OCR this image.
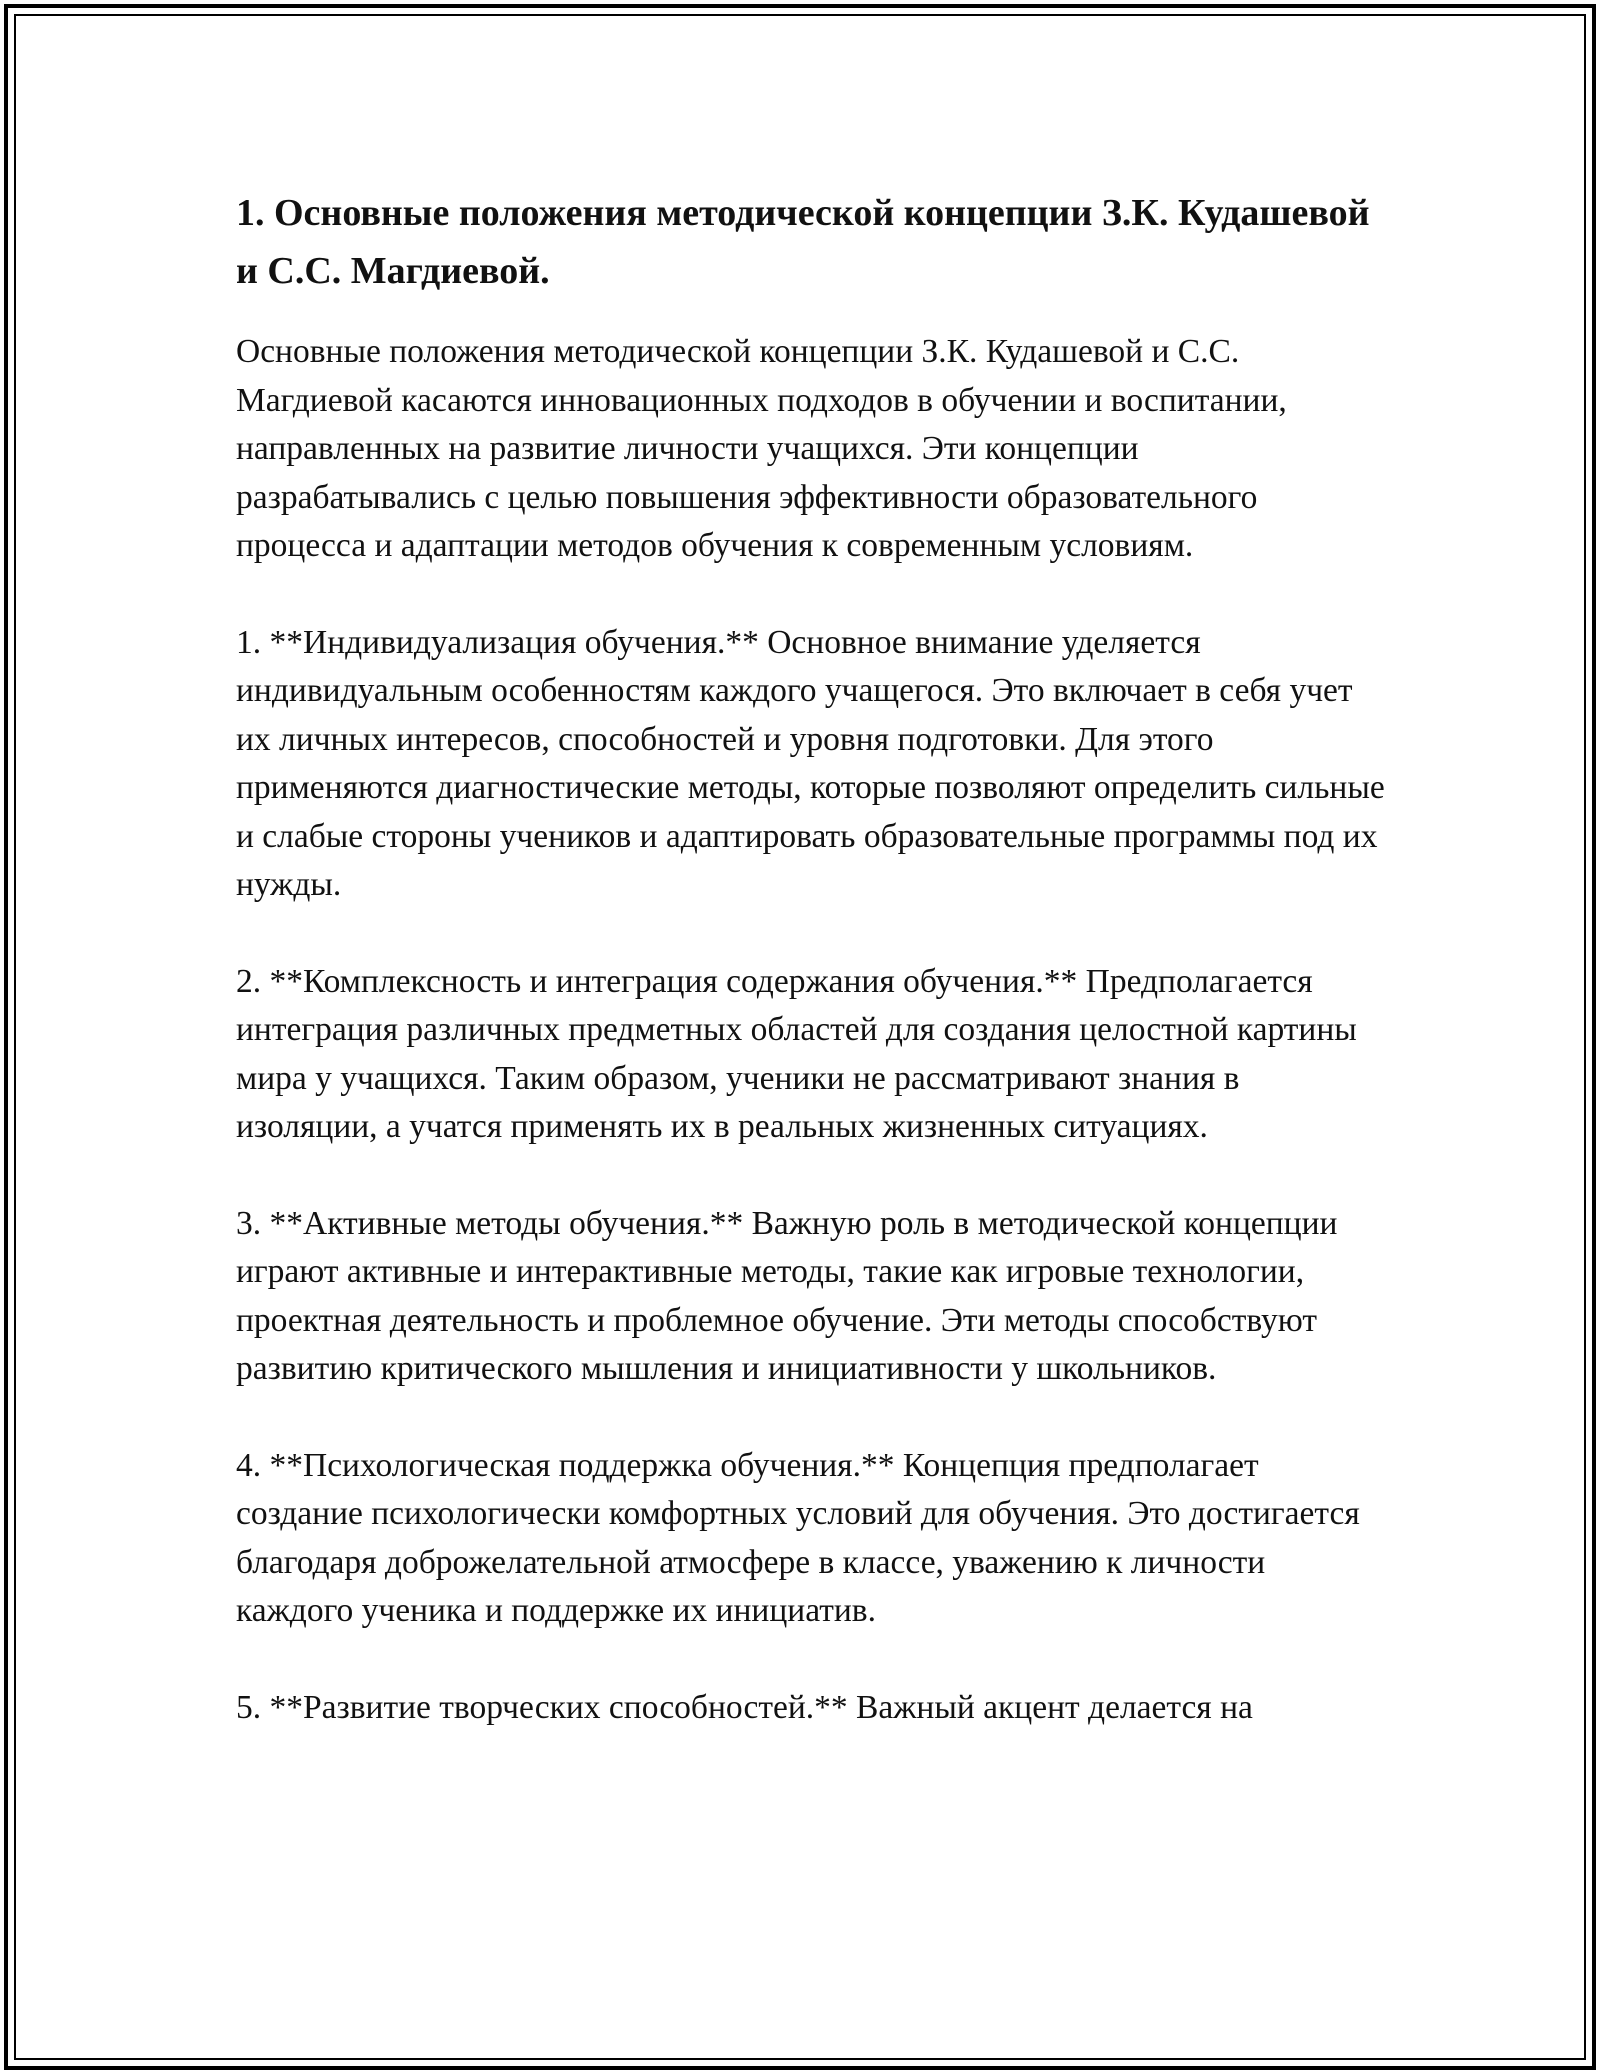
1. Основные положения методической концепции З.К. Кудашевой и С.С. Магдиевой.

Основные положения методической концепции З.К. Кудашевой и С.С. Магдиевой касаются инновационных подходов в обучении и воспитании, направленных на развитие личности учащихся. Эти концепции разрабатывались с целью повышения эффективности образовательного процесса и адаптации методов обучения к современным условиям.

1. **Индивидуализация обучения.** Основное внимание уделяется индивидуальным особенностям каждого учащегося. Это включает в себя учет их личных интересов, способностей и уровня подготовки. Для этого применяются диагностические методы, которые позволяют определить сильные и слабые стороны учеников и адаптировать образовательные программы под их нужды.

2. **Комплексность и интеграция содержания обучения.** Предполагается интеграция различных предметных областей для создания целостной картины мира у учащихся. Таким образом, ученики не рассматривают знания в изоляции, а учатся применять их в реальных жизненных ситуациях.

3. **Активные методы обучения.** Важную роль в методической концепции играют активные и интерактивные методы, такие как игровые технологии, проектная деятельность и проблемное обучение. Эти методы способствуют развитию критического мышления и инициативности у школьников.

4. **Психологическая поддержка обучения.** Концепция предполагает создание психологически комфортных условий для обучения. Это достигается благодаря доброжелательной атмосфере в классе, уважению к личности каждого ученика и поддержке их инициатив.

5. **Развитие творческих способностей.** Важный акцент делается на
